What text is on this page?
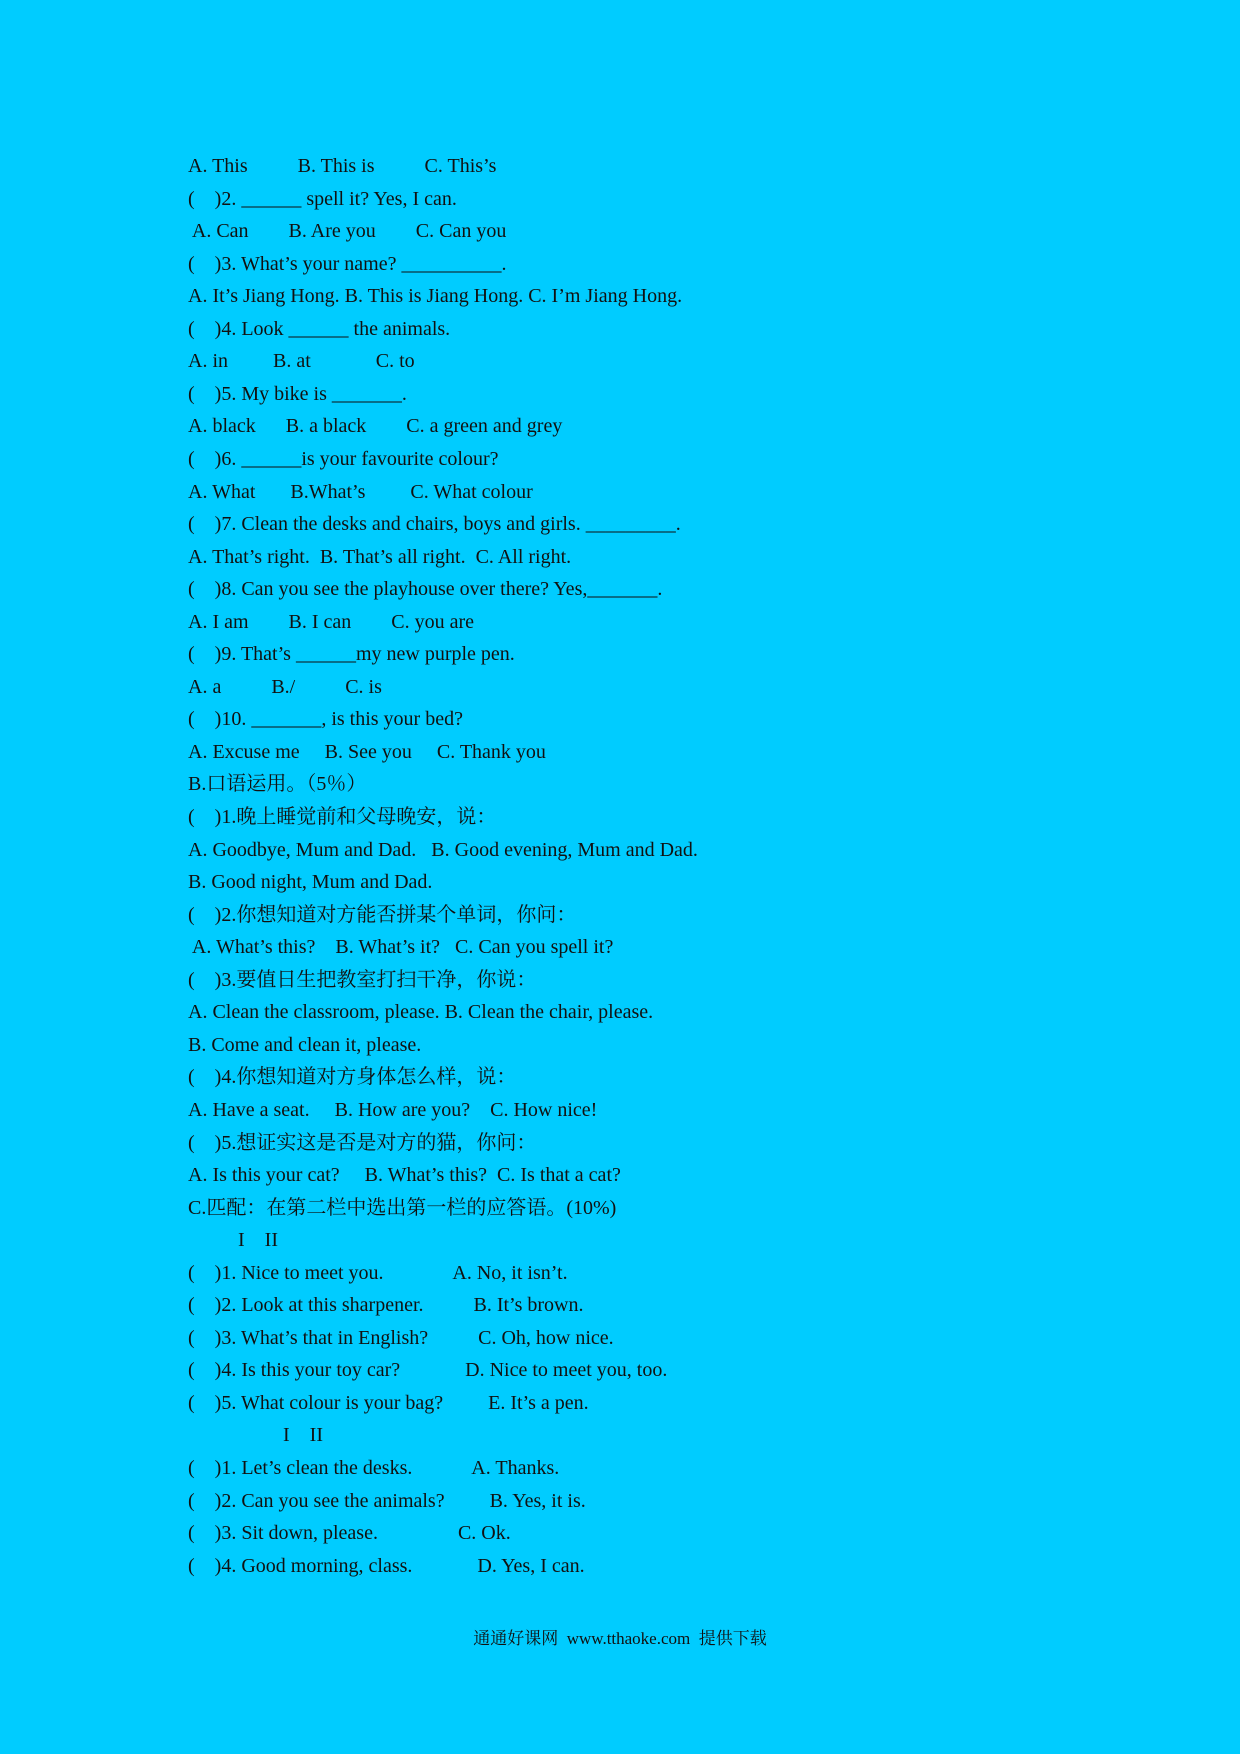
A. This          B. This is          C. This’s
(    )2. ______ spell it? Yes, I can.
A. Can        B. Are you        C. Can you
(    )3. What’s your name? __________.
A. It’s Jiang Hong. B. This is Jiang Hong. C. I’m Jiang Hong.
(    )4. Look ______ the animals.
A. in         B. at             C. to
(    )5. My bike is _______.
A. black      B. a black        C. a green and grey
(    )6. ______is your favourite colour?
A. What       B.What’s         C. What colour
(    )7. Clean the desks and chairs, boys and girls. _________.
A. That’s right.  B. That’s all right.  C. All right.
(    )8. Can you see the playhouse over there? Yes,_______.
A. I am        B. I can        C. you are
(    )9. That’s ______my new purple pen.
A. a          B./          C. is
(    )10. _______, is this your bed?
A. Excuse me     B. See you     C. Thank you
B.口语运用。（5％）
(    )1.晚上睡觉前和父母晚安，说：
A. Goodbye, Mum and Dad.   B. Good evening, Mum and Dad.
B. Good night, Mum and Dad.
(    )2.你想知道对方能否拼某个单词，你问：
A. What’s this?    B. What’s it?   C. Can you spell it?
(    )3.要值日生把教室打扫干净，你说：
A. Clean the classroom, please. B. Clean the chair, please.
B. Come and clean it, please.
(    )4.你想知道对方身体怎么样，说：
A. Have a seat.     B. How are you?    C. How nice!
(    )5.想证实这是否是对方的猫，你问：
A. Is this your cat?     B. What’s this?  C. Is that a cat?
C.匹配：在第二栏中选出第一栏的应答语。(10%)
I    II
(    )1. Nice to meet you.              A. No, it isn’t.
(    )2. Look at this sharpener.          B. It’s brown.
(    )3. What’s that in English?          C. Oh, how nice.
(    )4. Is this your toy car?             D. Nice to meet you, too.
(    )5. What colour is your bag?         E. It’s a pen.
I    II
(    )1. Let’s clean the desks.            A. Thanks.
(    )2. Can you see the animals?         B. Yes, it is.
(    )3. Sit down, please.                C. Ok.
(    )4. Good morning, class.             D. Yes, I can.
通通好课网  www.tthaoke.com  提供下载
